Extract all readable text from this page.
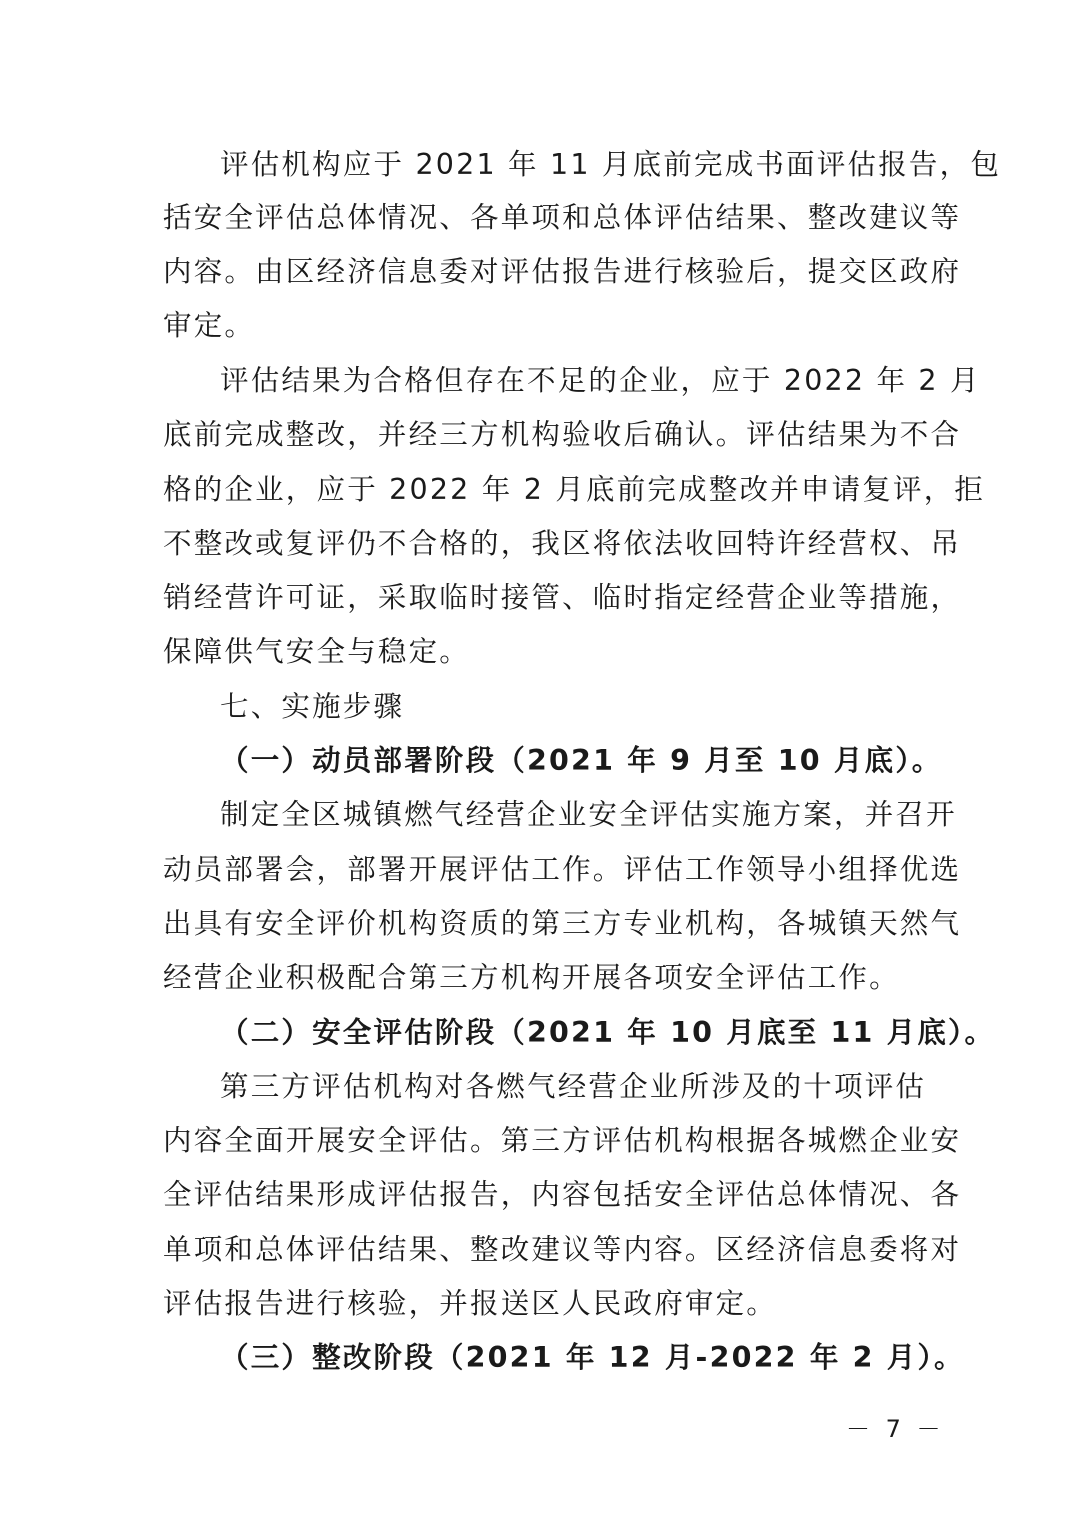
评估机构应于 2021 年 11 月底前完成书面评估报告，包
括安全评估总体情况、各单项和总体评估结果、整改建议等
内容。由区经济信息委对评估报告进行核验后，提交区政府
审定。
评估结果为合格但存在不足的企业，应于 2022 年 2 月
底前完成整改，并经三方机构验收后确认。评估结果为不合
格的企业，应于 2022 年 2 月底前完成整改并申请复评，拒
不整改或复评仍不合格的，我区将依法收回特许经营权、吊
销经营许可证，采取临时接管、临时指定经营企业等措施，
保障供气安全与稳定。
七、实施步骤
（一）动员部署阶段（2021 年 9 月至 10 月底）。
制定全区城镇燃气经营企业安全评估实施方案，并召开
动员部署会，部署开展评估工作。评估工作领导小组择优选
出具有安全评价机构资质的第三方专业机构，各城镇天然气
经营企业积极配合第三方机构开展各项安全评估工作。
（二）安全评估阶段（2021 年 10 月底至 11 月底）。
第三方评估机构对各燃气经营企业所涉及的十项评估
内容全面开展安全评估。第三方评估机构根据各城燃企业安
全评估结果形成评估报告，内容包括安全评估总体情况、各
单项和总体评估结果、整改建议等内容。区经济信息委将对
评估报告进行核验，并报送区人民政府审定。
（三）整改阶段（2021 年 12 月-2022 年 2 月）。
－ 7 －
